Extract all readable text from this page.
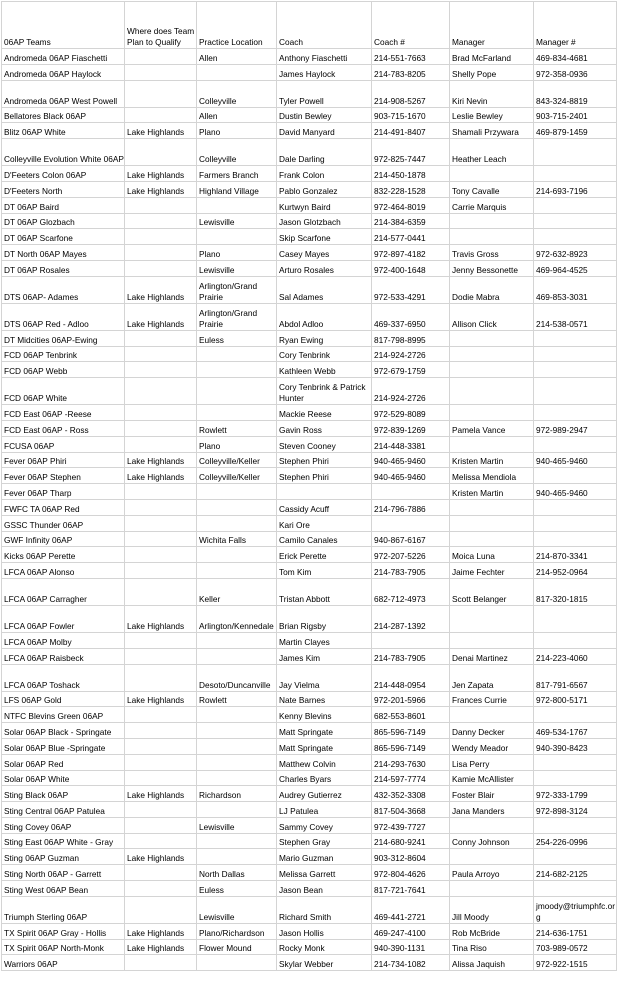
06AP Teams	Where does Team Plan to Qualify	Practice Location	Coach	Coach #	Manager	Manager #
Andromeda 06AP Fiaschetti		Allen	Anthony Fiaschetti	214-551-7663	Brad McFarland	469-834-4681
Andromeda 06AP Haylock			James Haylock	214-783-8205	Shelly Pope	972-358-0936
Andromeda 06AP West Powell		Colleyville	Tyler Powell	214-908-5267	Kiri Nevin	843-324-8819
Bellatores Black 06AP		Allen	Dustin Bewley	903-715-1670	Leslie Bewley	903-715-2401
Blitz 06AP White	Lake Highlands	Plano	David Manyard	214-491-8407	Shamali Przywara	469-879-1459
Colleyville Evolution White 06AP		Colleyville	Dale Darling	972-825-7447	Heather Leach	
D'Feeters Colon 06AP	Lake Highlands	Farmers Branch	Frank Colon	214-450-1878		
D'Feeters North	Lake Highlands	Highland Village	Pablo Gonzalez	832-228-1528	Tony Cavalle	214-693-7196
DT 06AP Baird			Kurtwyn Baird	972-464-8019	Carrie Marquis	
DT 06AP Glozbach		Lewisville	Jason Glotzbach	214-384-6359		
DT 06AP Scarfone			Skip Scarfone	214-577-0441		
DT North 06AP Mayes		Plano	Casey Mayes	972-897-4182	Travis Gross	972-632-8923
DT 06AP Rosales		Lewisville	Arturo Rosales	972-400-1648	Jenny Bessonette	469-964-4525
DTS 06AP- Adames	Lake Highlands	Arlington/Grand Prairie	Sal Adames	972-533-4291	Dodie Mabra	469-853-3031
DTS 06AP Red - Adloo	Lake Highlands	Arlington/Grand Prairie	Abdol Adloo	469-337-6950	Allison Click	214-538-0571
DT Midcities 06AP-Ewing		Euless	Ryan Ewing	817-798-8995		
FCD 06AP Tenbrink			Cory Tenbrink	214-924-2726		
FCD 06AP Webb			Kathleen Webb	972-679-1759		
FCD 06AP White			Cory Tenbrink & Patrick Hunter	214-924-2726		
FCD East 06AP -Reese			Mackie Reese	972-529-8089		
FCD East 06AP - Ross		Rowlett	Gavin Ross	972-839-1269	Pamela Vance	972-989-2947
FCUSA 06AP		Plano	Steven Cooney	214-448-3381		
Fever 06AP Phiri	Lake Highlands	Colleyville/Keller	Stephen Phiri	940-465-9460	Kristen Martin	940-465-9460
Fever 06AP Stephen	Lake Highlands	Colleyville/Keller	Stephen Phiri	940-465-9460	Melissa Mendiola	
Fever 06AP Tharp					Kristen Martin	940-465-9460
FWFC TA 06AP Red			Cassidy Acuff	214-796-7886		
GSSC Thunder 06AP			Kari Ore			
GWF Infinity 06AP		Wichita Falls	Camilo Canales	940-867-6167		
Kicks 06AP Perette			Erick Perette	972-207-5226	Moica Luna	214-870-3341
LFCA 06AP Alonso			Tom Kim	214-783-7905	Jaime Fechter	214-952-0964
LFCA 06AP Carragher		Keller	Tristan Abbott	682-712-4973	Scott Belanger	817-320-1815
LFCA 06AP Fowler	Lake Highlands	Arlington/Kennedale	Brian Rigsby	214-287-1392		
LFCA 06AP Molby			Martin Clayes			
LFCA 06AP Raisbeck			James Kim	214-783-7905	Denai Martinez	214-223-4060
LFCA 06AP Toshack		Desoto/Duncanville	Jay Vielma	214-448-0954	Jen Zapata	817-791-6567
LFS 06AP Gold	Lake Highlands	Rowlett	Nate Barnes	972-201-5966	Frances Currie	972-800-5171
NTFC Blevins Green 06AP			Kenny Blevins	682-553-8601		
Solar 06AP Black - Springate			Matt Springate	865-596-7149	Danny Decker	469-534-1767
Solar 06AP Blue -Springate			Matt Springate	865-596-7149	Wendy Meador	940-390-8423
Solar 06AP Red			Matthew Colvin	214-293-7630	Lisa Perry	
Solar 06AP White			Charles Byars	214-597-7774	Kamie McAllister	
Sting Black 06AP	Lake Highlands	Richardson	Audrey Gutierrez	432-352-3308	Foster Blair	972-333-1799
Sting Central 06AP Patulea			LJ Patulea	817-504-3668	Jana Manders	972-898-3124
Sting Covey 06AP		Lewisville	Sammy Covey	972-439-7727		
Sting East 06AP White - Gray			Stephen Gray	214-680-9241	Conny Johnson	254-226-0996
Sting 06AP Guzman	Lake Highlands		Mario Guzman	903-312-8604		
Sting North 06AP - Garrett		North Dallas	Melissa Garrett	972-804-4626	Paula Arroyo	214-682-2125
Sting West 06AP Bean		Euless	Jason Bean	817-721-7641		
Triumph Sterling 06AP		Lewisville	Richard Smith	469-441-2721	Jill Moody	jmoody@triumphfc.org
TX Spirit 06AP Gray - Hollis	Lake Highlands	Plano/Richardson	Jason Hollis	469-247-4100	Rob McBride	214-636-1751
TX Spirit 06AP North-Monk	Lake Highlands	Flower Mound	Rocky Monk	940-390-1131	Tina Riso	703-989-0572
Warriors 06AP			Skylar Webber	214-734-1082	Alissa Jaquish	972-922-1515
